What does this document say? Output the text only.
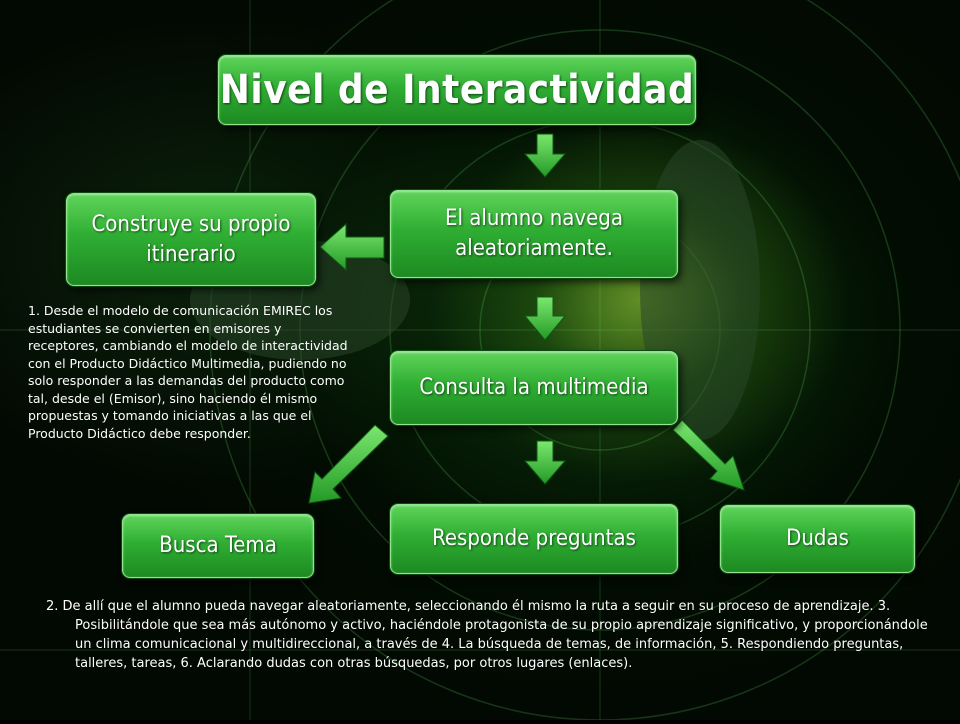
Nivel de Interactividad
El alumno navega aleatoriamente.
Construye su propio itinerario
Consulta la multimedia
Busca Tema	Responde preguntas	Dudas
1. Desde el modelo de comunicación EMIREC los estudiantes se convierten en emisores y receptores, cambiando el modelo de interactividad con el Producto Didáctico Multimedia, pudiendo no solo responder a las demandas del producto como tal, desde el (Emisor), sino haciendo él mismo propuestas y tomando iniciativas a las que el Producto Didáctico debe responder.
2. De allí que el alumno pueda navegar aleatoriamente, seleccionando él mismo la ruta a seguir en su proceso de aprendizaje. 3. Posibilitándole que sea más autónomo y activo, haciéndole protagonista de su propio aprendizaje significativo, y proporcionándole un clima comunicacional y multidireccional, a través de 4. La búsqueda de temas, de información, 5. Respondiendo preguntas, talleres, tareas, 6. Aclarando dudas con otras búsquedas, por otros lugares (enlaces).
